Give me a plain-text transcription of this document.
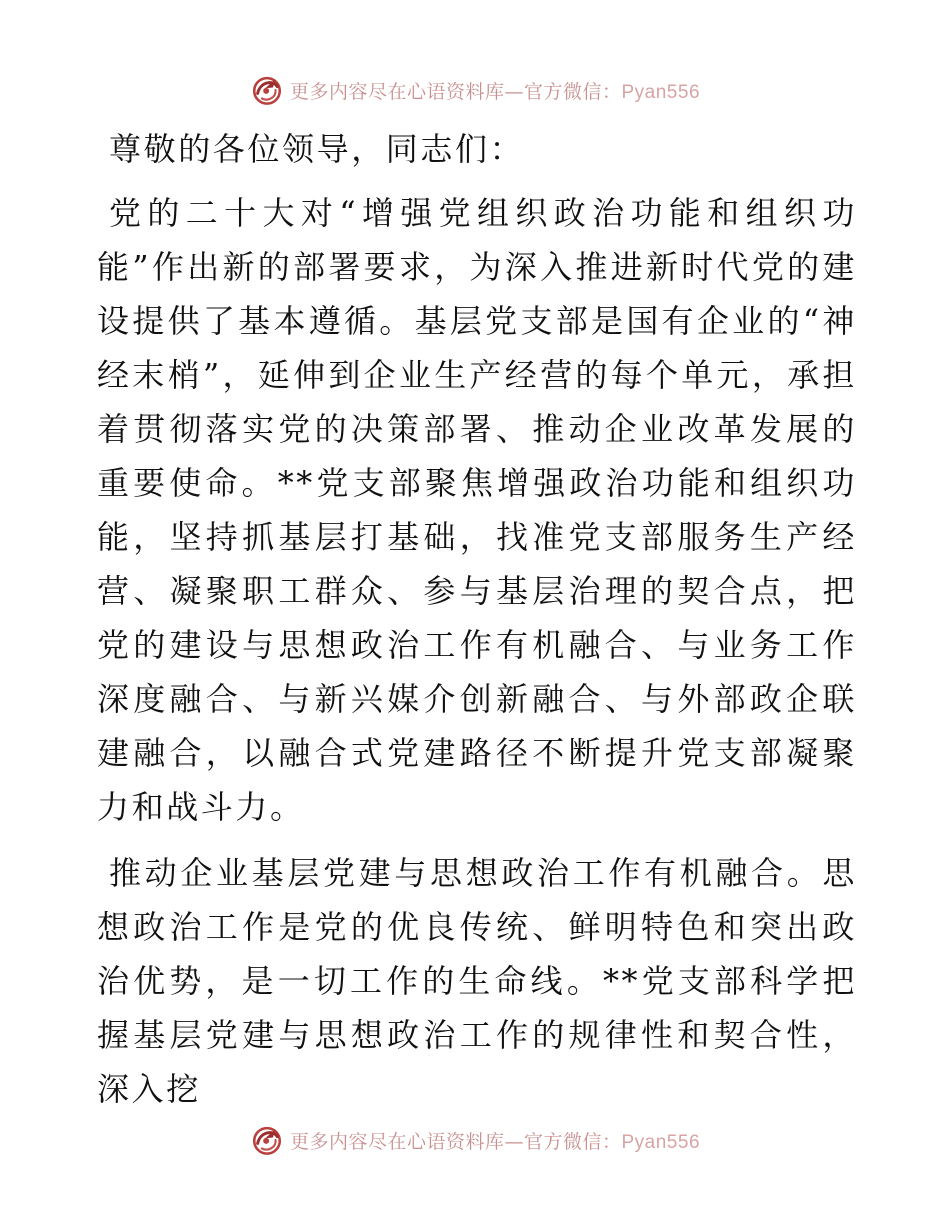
更多内容尽在心语资料库—官方微信：Pyan556

尊敬的各位领导，同志们：

党的二十大对“增强党组织政治功能和组织功能”作出新的部署要求，为深入推进新时代党的建设提供了基本遵循。基层党支部是国有企业的“神经末梢”，延伸到企业生产经营的每个单元，承担着贯彻落实党的决策部署、推动企业改革发展的重要使命。**党支部聚焦增强政治功能和组织功能，坚持抓基层打基础，找准党支部服务生产经营、凝聚职工群众、参与基层治理的契合点，把党的建设与思想政治工作有机融合、与业务工作深度融合、与新兴媒介创新融合、与外部政企联建融合，以融合式党建路径不断提升党支部凝聚力和战斗力。

推动企业基层党建与思想政治工作有机融合。思想政治工作是党的优良传统、鲜明特色和突出政治优势，是一切工作的生命线。**党支部科学把握基层党建与思想政治工作的规律性和契合性，深入挖

更多内容尽在心语资料库—官方微信：Pyan556
